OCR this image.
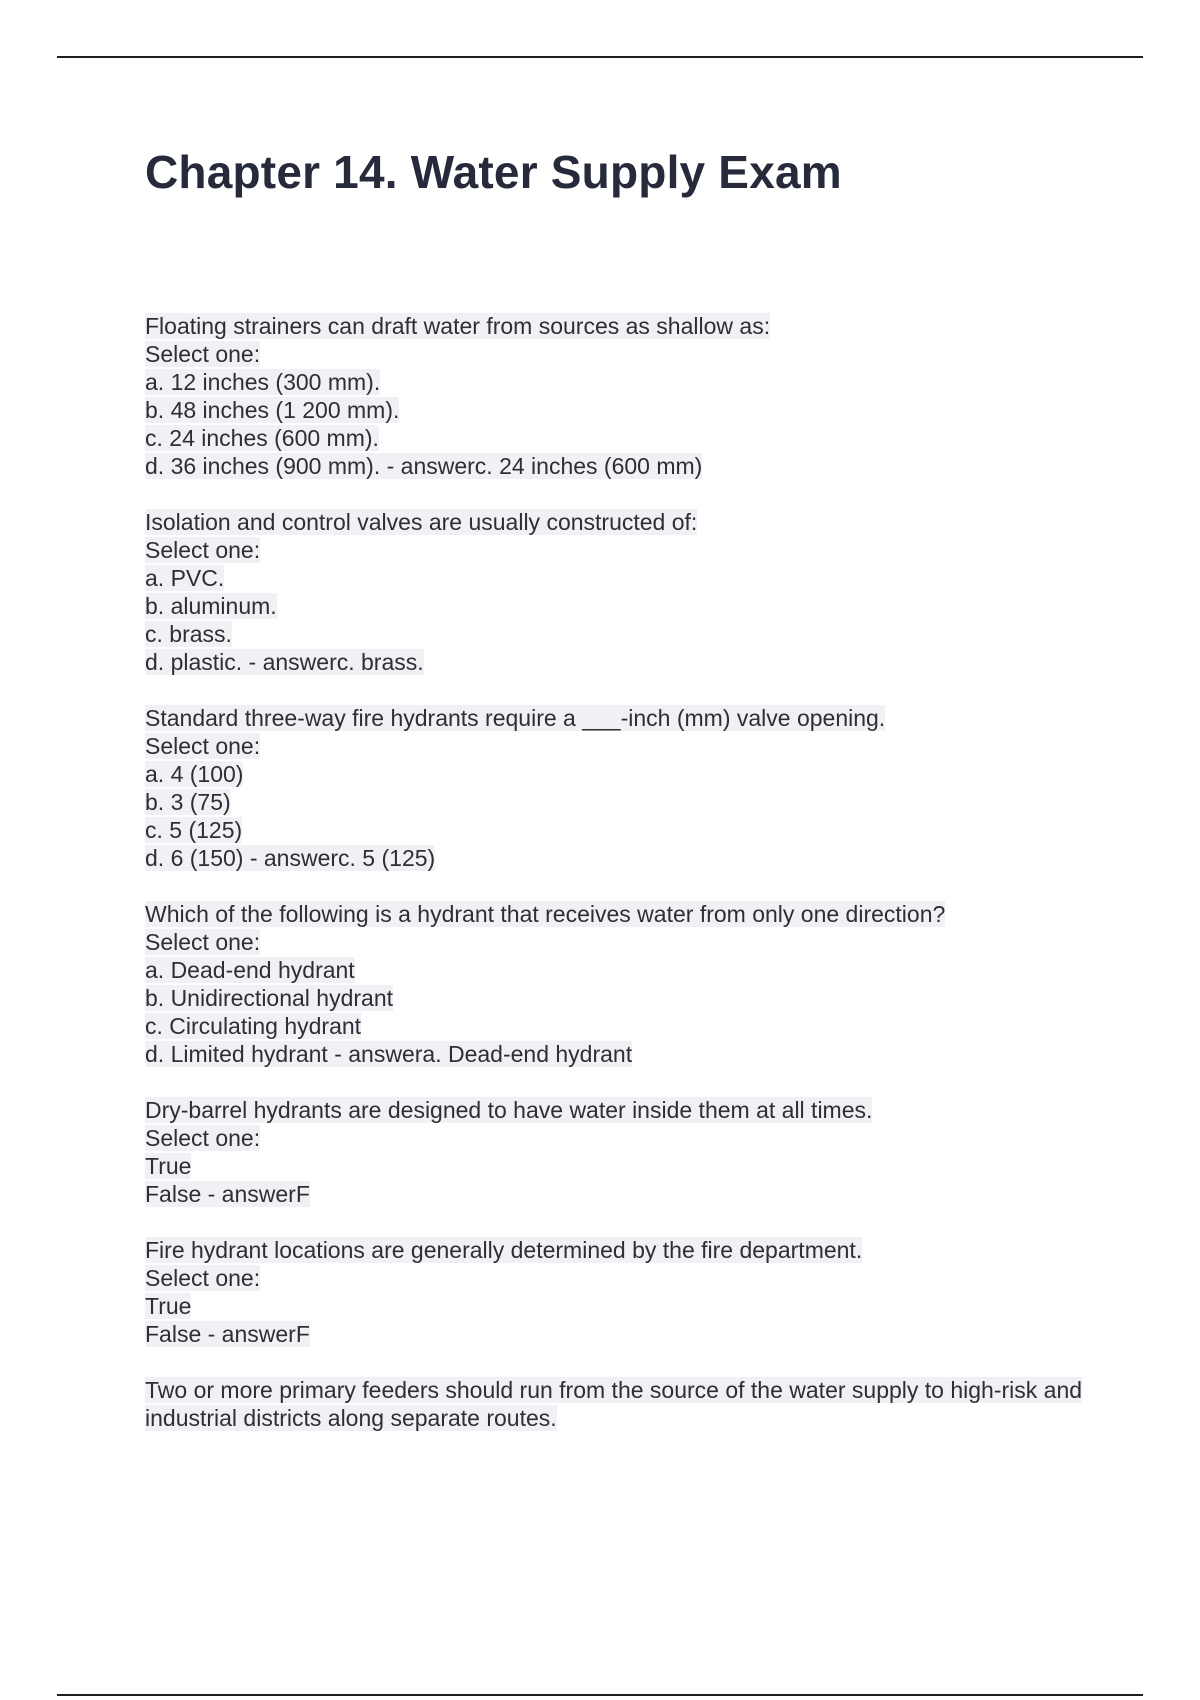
Chapter 14. Water Supply Exam
Floating strainers can draft water from sources as shallow as:
Select one:
a. 12 inches (300 mm).
b. 48 inches (1 200 mm).
c. 24 inches (600 mm).
d. 36 inches (900 mm). - answerc. 24 inches (600 mm)
Isolation and control valves are usually constructed of:
Select one:
a. PVC.
b. aluminum.
c. brass.
d. plastic. - answerc. brass.
Standard three-way fire hydrants require a ___-inch (mm) valve opening.
Select one:
a. 4 (100)
b. 3 (75)
c. 5 (125)
d. 6 (150) - answerc. 5 (125)
Which of the following is a hydrant that receives water from only one direction?
Select one:
a. Dead-end hydrant
b. Unidirectional hydrant
c. Circulating hydrant
d. Limited hydrant - answera. Dead-end hydrant
Dry-barrel hydrants are designed to have water inside them at all times.
Select one:
True
False - answerF
Fire hydrant locations are generally determined by the fire department.
Select one:
True
False - answerF
Two or more primary feeders should run from the source of the water supply to high-risk and industrial districts along separate routes.
